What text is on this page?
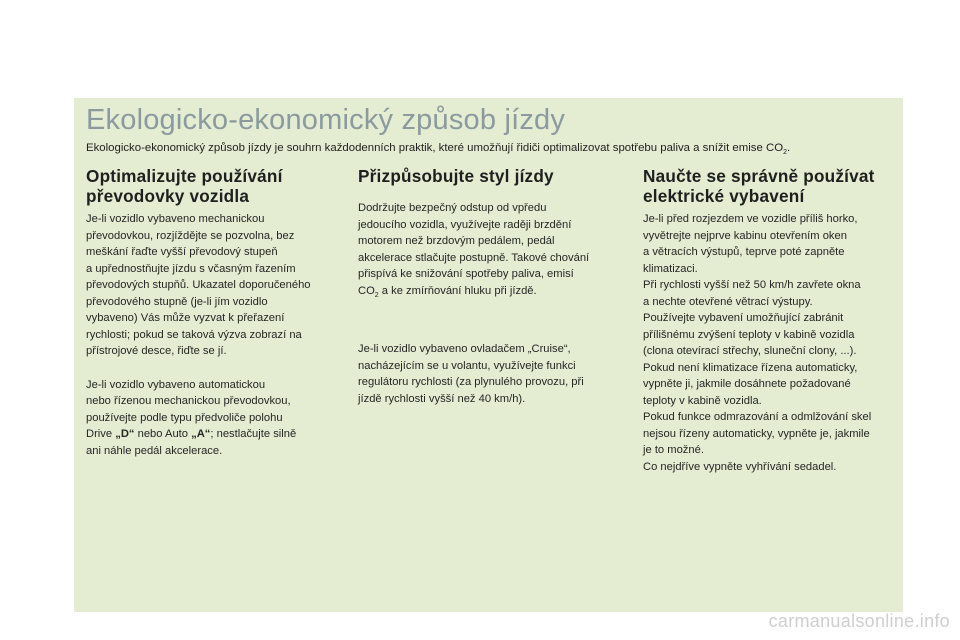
Ekologicko-ekonomický způsob jízdy

Ekologicko-ekonomický způsob jízdy je souhrn každodenních praktik, které umožňují řidiči optimalizovat spotřebu paliva a snížit emise $CO_2$.

Optimalizujte používání
převodovky vozidla

Je-li vozidlo vybaveno mechanickou
převodovkou, rozjíždějte se pozvolna, bez
meškání řaďte vyšší převodový stupeň
a upřednostňujte jízdu s včasným řazením
převodových stupňů. Ukazatel doporučeného
převodového stupně (je-li jím vozidlo
vybaveno) Vás může vyzvat k přeřazení
rychlosti; pokud se taková výzva zobrazí na
přístrojové desce, řiďte se jí.

Je-li vozidlo vybaveno automatickou
nebo řízenou mechanickou převodovkou,
používejte podle typu předvoliče polohu
Drive „D“ nebo Auto „A“; nestlačujte silně
ani náhle pedál akcelerace.

Přizpůsobujte styl jízdy

Dodržujte bezpečný odstup od vpředu
jedoucího vozidla, využívejte raději brzdění
motorem než brzdovým pedálem, pedál
akcelerace stlačujte postupně. Takové chování
přispívá ke snižování spotřeby paliva, emisí
$CO_2$ a ke zmírňování hluku při jízdě.

Je-li vozidlo vybaveno ovladačem „Cruise“,
nacházejícím se u volantu, využívejte funkci
regulátoru rychlosti (za plynulého provozu, při
jízdě rychlosti vyšší než 40 km/h).

Naučte se správně používat
elektrické vybavení

Je-li před rozjezdem ve vozidle příliš horko,
vyvětrejte nejprve kabinu otevřením oken
a větracích výstupů, teprve poté zapněte
klimatizaci.
Při rychlosti vyšší než 50 km/h zavřete okna
a nechte otevřené větrací výstupy.
Používejte vybavení umožňující zabránit
přílišnému zvýšení teploty v kabině vozidla
(clona otevírací střechy, sluneční clony, ...).
Pokud není klimatizace řízena automaticky,
vypněte ji, jakmile dosáhnete požadované
teploty v kabině vozidla.
Pokud funkce odmrazování a odmlžování skel
nejsou řízeny automaticky, vypněte je, jakmile
je to možné.
Co nejdříve vypněte vyhřívání sedadel.

carmanualsonline.info
